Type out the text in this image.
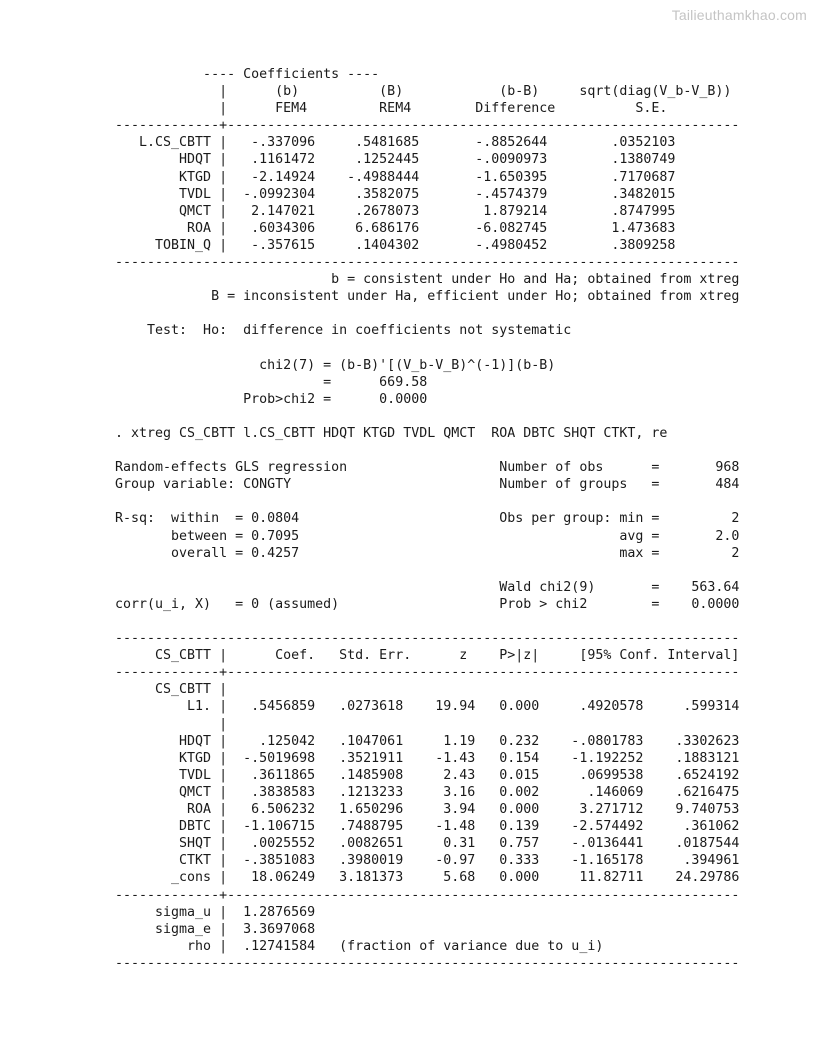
Tailieuthamkhao.com
---- Coefficients ----
|      (b)          (B)            (b-B)     sqrt(diag(V_b-V_B))
|      FEM4         REM4        Difference          S.E.
-------------+----------------------------------------------------------------
L.CS_CBTT |   -.337096     .5481685       -.8852644        .0352103
HDQT |   .1161472     .1252445       -.0090973        .1380749
KTGD |   -2.14924    -.4988444       -1.650395        .7170687
TVDL |  -.0992304     .3582075       -.4574379        .3482015
QMCT |   2.147021     .2678073        1.879214        .8747995
ROA |   .6034306     6.686176       -6.082745        1.473683
TOBIN_Q |   -.357615     .1404302       -.4980452        .3809258
------------------------------------------------------------------------------
b = consistent under Ho and Ha; obtained from xtreg
B = inconsistent under Ha, efficient under Ho; obtained from xtreg
Test:  Ho:  difference in coefficients not systematic
chi2(7) = (b-B)'[(V_b-V_B)^(-1)](b-B)
=      669.58
Prob>chi2 =      0.0000
. xtreg CS_CBTT l.CS_CBTT HDQT KTGD TVDL QMCT  ROA DBTC SHQT CTKT, re
Random-effects GLS regression                   Number of obs      =       968
Group variable: CONGTY                          Number of groups   =       484
R-sq:  within  = 0.0804                         Obs per group: min =         2
between = 0.7095                                        avg =       2.0
overall = 0.4257                                        max =         2
Wald chi2(9)       =    563.64
corr(u_i, X)   = 0 (assumed)                    Prob > chi2        =    0.0000
------------------------------------------------------------------------------
CS_CBTT |      Coef.   Std. Err.      z    P>|z|     [95% Conf. Interval]
-------------+----------------------------------------------------------------
CS_CBTT |
L1. |   .5456859   .0273618    19.94   0.000     .4920578     .599314
|
HDQT |    .125042   .1047061     1.19   0.232    -.0801783    .3302623
KTGD |  -.5019698   .3521911    -1.43   0.154    -1.192252    .1883121
TVDL |   .3611865   .1485908     2.43   0.015     .0699538    .6524192
QMCT |   .3838583   .1213233     3.16   0.002      .146069    .6216475
ROA |   6.506232   1.650296     3.94   0.000     3.271712    9.740753
DBTC |  -1.106715   .7488795    -1.48   0.139    -2.574492     .361062
SHQT |   .0025552   .0082651     0.31   0.757    -.0136441    .0187544
CTKT |  -.3851083   .3980019    -0.97   0.333    -1.165178     .394961
_cons |   18.06249   3.181373     5.68   0.000     11.82711    24.29786
-------------+----------------------------------------------------------------
sigma_u |  1.2876569
sigma_e |  3.3697068
rho |  .12741584   (fraction of variance due to u_i)
------------------------------------------------------------------------------
